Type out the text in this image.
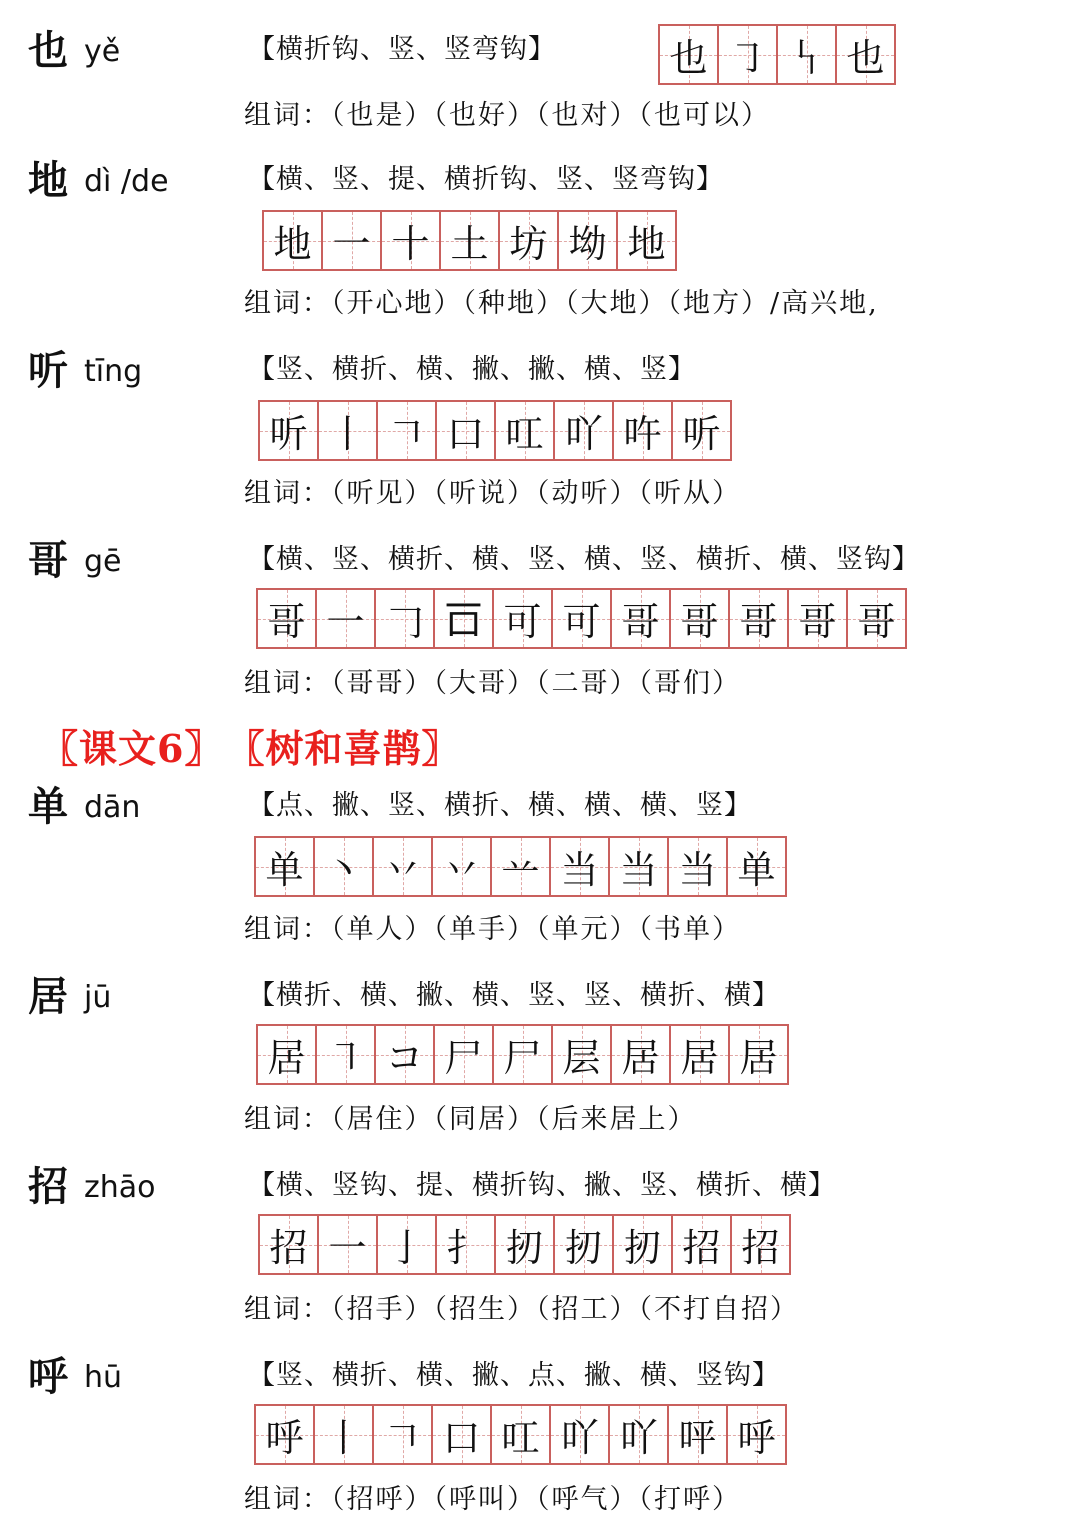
也 yě	【横折钩、竖、竖弯钩】	也 ㇆ 𠃑 也
组词：（也是）（也好）（也对）（也可以）
地 dì /de	【横、竖、提、横折钩、竖、竖弯钩】
地 一 十 土 坊 坳 地
组词：（开心地）（种地）（大地）（地方）/高兴地,
听 tīng	【竖、横折、横、撇、撇、横、竖】
听 丨 𠃍 口 叿 吖 吘 听
组词：（听见）（听说）（动听）（听从）
哥 gē	【横、竖、横折、横、竖、横、竖、横折、横、竖钩】
哥 一 𠃌 𠮛 可 可 哥 哥 哥 哥 哥
组词：（哥哥）（大哥）（二哥）（哥们）
〖课文6〗 〖树和喜鹊〗
单 dān	【点、撇、竖、横折、横、横、横、竖】
单 丶 丷 丷 䒑 当 当 当 单
组词：（单人）（单手）（单元）（书单）
居 jū	【横折、横、撇、横、竖、竖、横折、横】
居 ㇕ コ 尸 尸 层 居 居 居
组词：（居住）（同居）（后来居上）
招 zhāo	【横、竖钩、提、横折钩、撇、竖、横折、横】
招 一 亅 扌 扨 扨 扨 招 招
组词：（招手）（招生）（招工）（不打自招）
呼 hū	【竖、横折、横、撇、点、撇、横、竖钩】
呼 丨 𠃍 口 叿 吖 吖 呯 呼
组词：（招呼）（呼叫）（呼气）（打呼）
